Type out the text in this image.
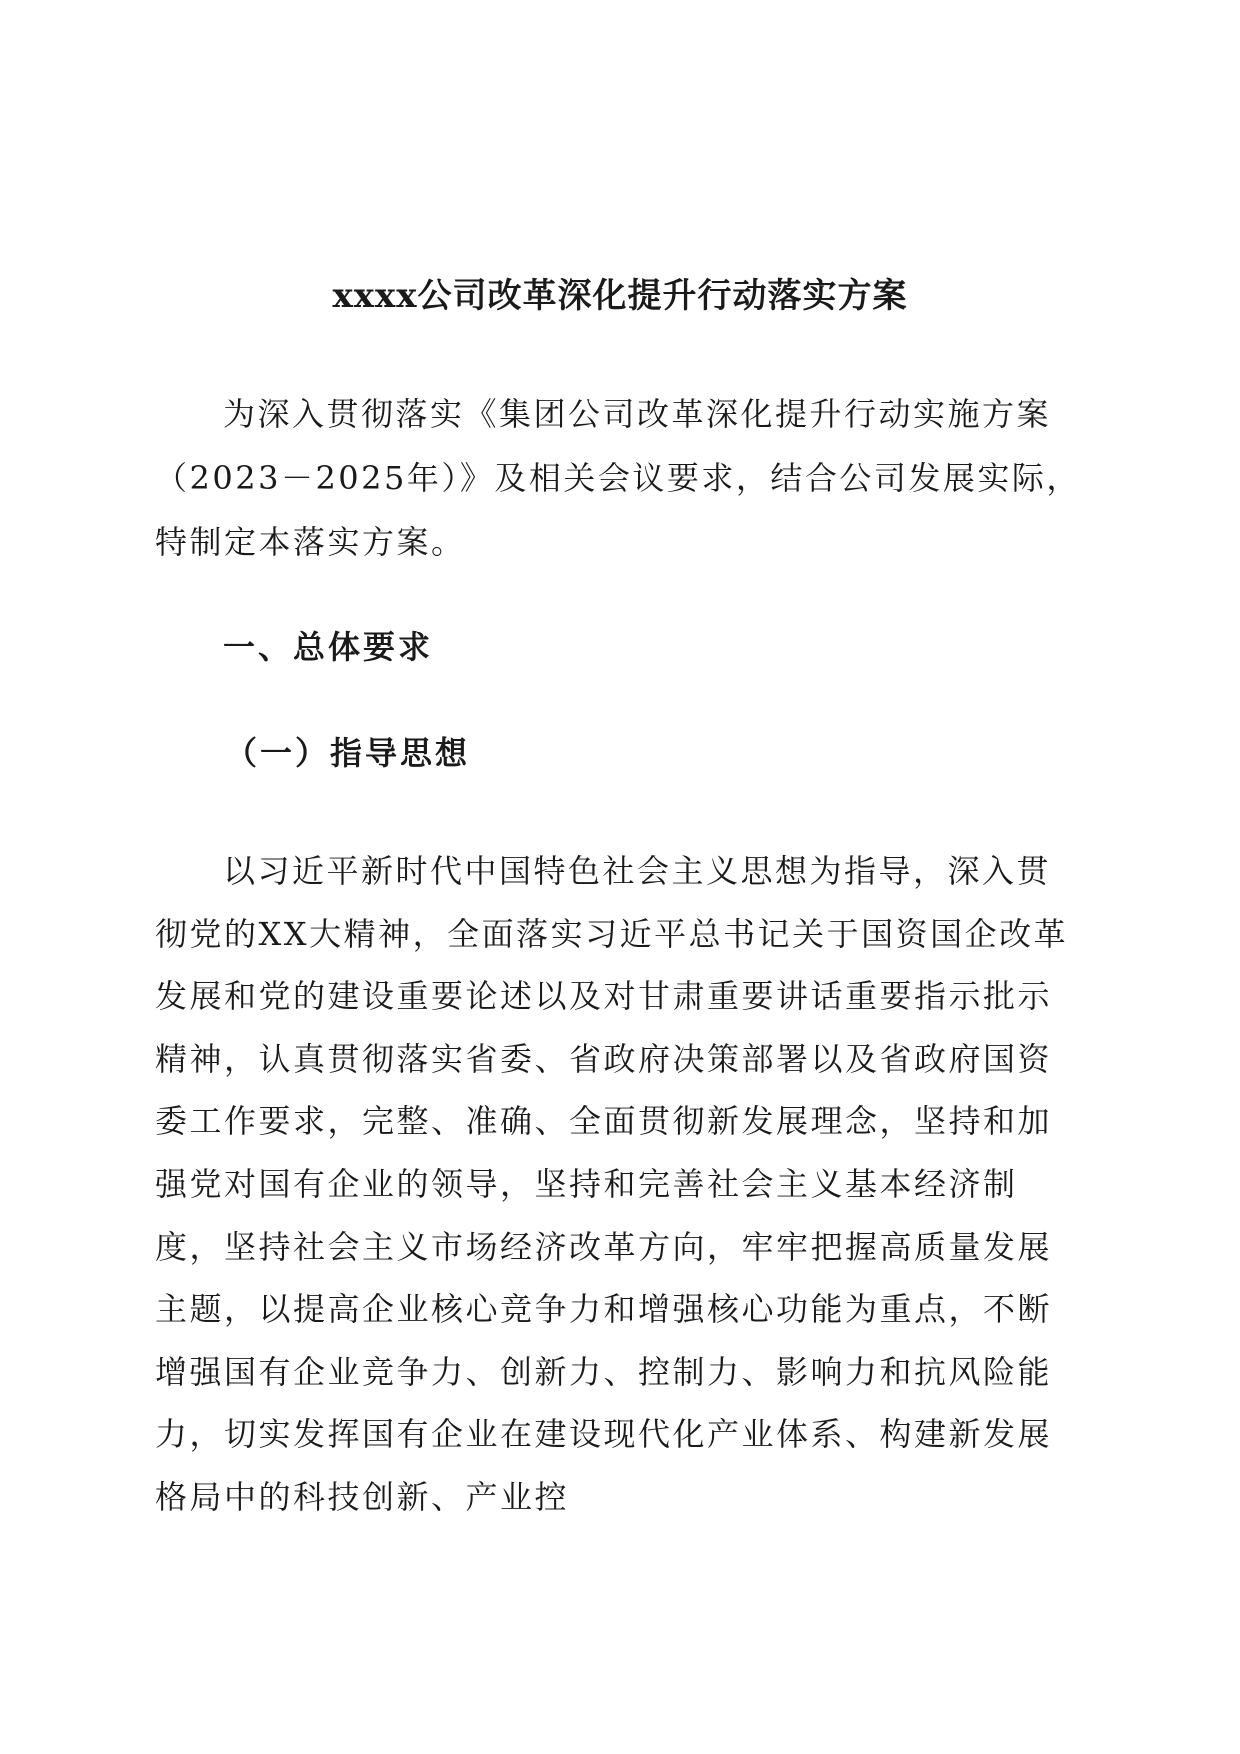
xxxx公司改革深化提升行动落实方案

为深入贯彻落实《集团公司改革深化提升行动实施方案（2023－2025年）》及相关会议要求，结合公司发展实际，特制定本落实方案。

一、总体要求
（一）指导思想

以习近平新时代中国特色社会主义思想为指导，深入贯彻党的XX大精神，全面落实习近平总书记关于国资国企改革发展和党的建设重要论述以及对甘肃重要讲话重要指示批示精神，认真贯彻落实省委、省政府决策部署以及省政府国资委工作要求，完整、准确、全面贯彻新发展理念，坚持和加强党对国有企业的领导，坚持和完善社会主义基本经济制度，坚持社会主义市场经济改革方向，牢牢把握高质量发展主题，以提高企业核心竞争力和增强核心功能为重点，不断增强国有企业竞争力、创新力、控制力、影响力和抗风险能力，切实发挥国有企业在建设现代化产业体系、构建新发展格局中的科技创新、产业控
